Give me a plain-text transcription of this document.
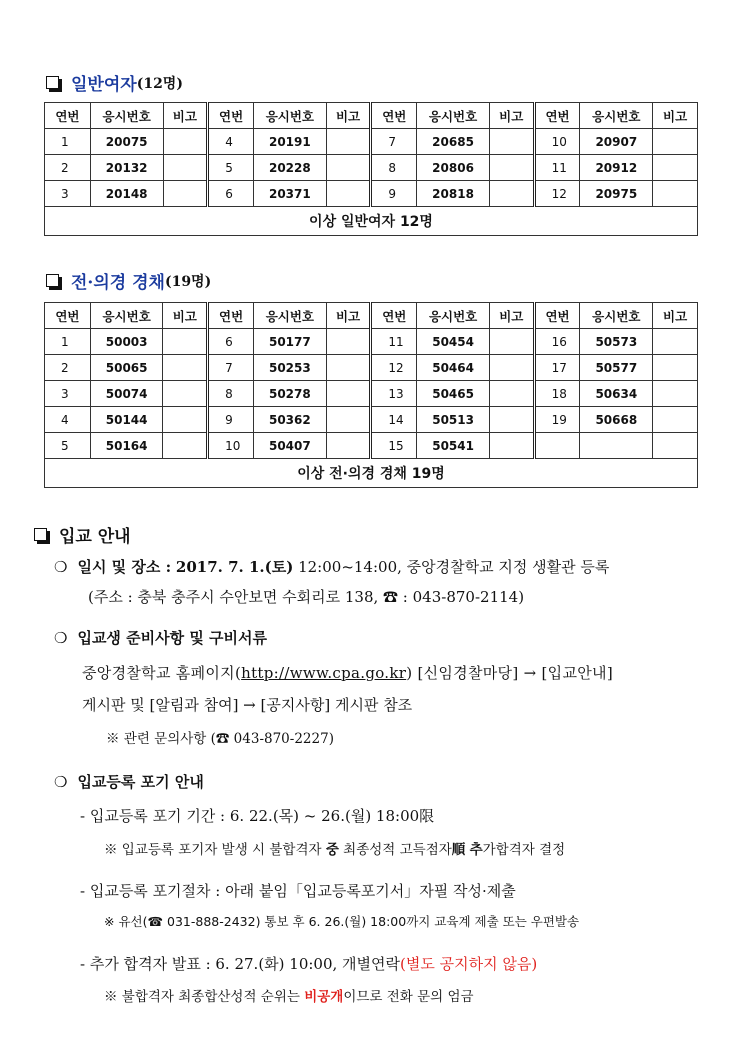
일반여자 (12명)
연번	응시번호	비고	연번	응시번호	비고	연번	응시번호	비고	연번	응시번호	비고
1	20075		4	20191		7	20685		10	20907	
2	20132		5	20228		8	20806		11	20912	
3	20148		6	20371		9	20818		12	20975	
이상 일반여자 12명											
전·의경 경채 (19명)
연번	응시번호	비고	연번	응시번호	비고	연번	응시번호	비고	연번	응시번호	비고
1	50003		6	50177		11	50454		16	50573	
2	50065		7	50253		12	50464		17	50577	
3	50074		8	50278		13	50465		18	50634	
4	50144		9	50362		14	50513		19	50668	
5	50164		10	50407		15	50541				
이상 전·의경 경채 19명											
입교 안내
❍ 일시 및 장소 : 2017. 7. 1.(토) 12:00~14:00, 중앙경찰학교 지정 생활관 등록
(주소 : 충북 충주시 수안보면 수회리로 138, ☎ : 043-870-2114)
❍ 입교생 준비사항 및 구비서류
중앙경찰학교 홈페이지(http://www.cpa.go.kr) [신임경찰마당] → [입교안내]
게시판 및 [알림과 참여] → [공지사항] 게시판 참조
※ 관련 문의사항 (☎ 043-870-2227)
❍ 입교등록 포기 안내
- 입교등록 포기 기간 : 6. 22.(목) ~ 26.(월) 18:00限
※ 입교등록 포기자 발생 시 불합격자 중 최종성적 고득점자順 추가합격자 결정
- 입교등록 포기절차 : 아래 붙임「입교등록포기서」자필 작성·제출
※ 유선(☎ 031-888-2432) 통보 후 6. 26.(월) 18:00까지 교육계 제출 또는 우편발송
- 추가 합격자 발표 : 6. 27.(화) 10:00, 개별연락(별도 공지하지 않음)
※ 불합격자 최종합산성적 순위는 비공개이므로 전화 문의 엄금
